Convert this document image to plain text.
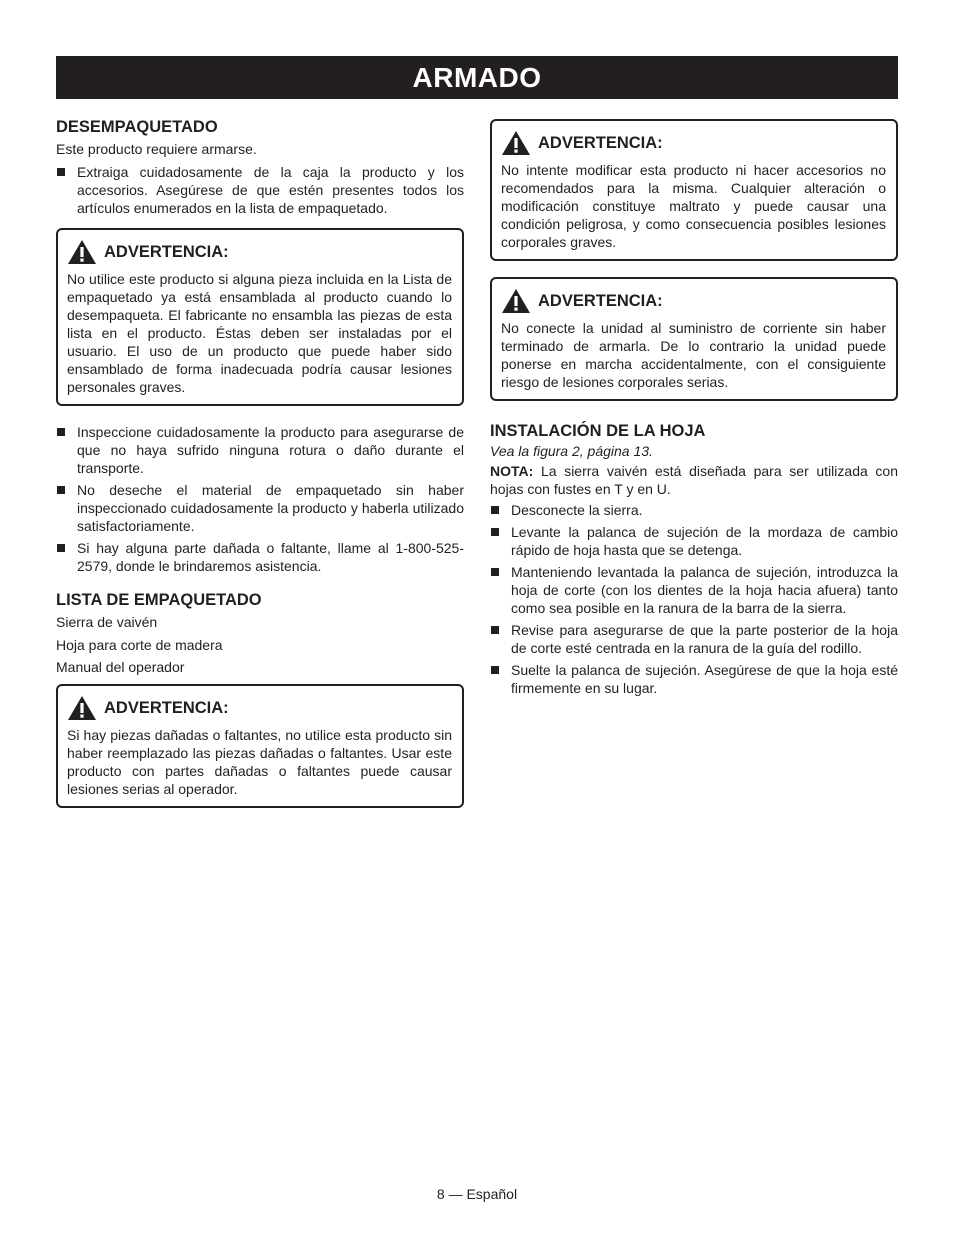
ARMADO
DESEMPAQUETADO

Este producto requiere armarse.

Extraiga cuidadosamente de la caja la producto y los accesorios. Asegúrese de que estén presentes todos los artículos enumerados en la lista de empaquetado.
ADVERTENCIA:

No utilice este producto si alguna pieza incluida en la Lista de empaquetado ya está ensamblada al producto cuando lo desempaqueta. El fabricante no ensambla las piezas de esta lista en el producto. Éstas deben ser instaladas por el usuario. El uso de un producto que puede haber sido ensamblado de forma inadecuada podría causar lesiones personales graves.

Inspeccione cuidadosamente la producto para asegurarse de que no haya sufrido ninguna rotura o daño durante el transporte.
No deseche el material de empaquetado sin haber inspeccionado cuidadosamente la producto y haberla utilizado satisfactoriamente.
Si hay alguna parte dañada o faltante, llame al 1-800-525-2579, donde le brindaremos asistencia.
LISTA DE EMPAQUETADO

Sierra de vaivén

Hoja para corte de madera

Manual del operador

ADVERTENCIA:

Si hay piezas dañadas o faltantes, no utilice esta producto sin haber reemplazado las piezas dañadas o faltantes. Usar este producto con partes dañadas o faltantes puede causar lesiones serias al operador.

ADVERTENCIA:

No intente modificar esta producto ni hacer accesorios no recomendados para la misma. Cualquier alteración o modificación constituye maltrato y puede causar una condición peligrosa, y como consecuencia posibles lesiones corporales graves.

ADVERTENCIA:

No conecte la unidad al suministro de corriente sin haber terminado de armarla. De lo contrario la unidad puede ponerse en marcha accidentalmente, con el consiguiente riesgo de lesiones corporales serias.

INSTALACIÓN DE LA HOJA

Vea la figura 2, página 13.

NOTA: La sierra vaivén está diseñada para ser utilizada con hojas con fustes en T y en U.

Desconecte la sierra.
Levante la palanca de sujeción de la mordaza de cambio rápido de hoja hasta que se detenga.
Manteniendo levantada la palanca de sujeción, introduzca la hoja de corte (con los dientes de la hoja hacia afuera) tanto como sea posible en la ranura de la barra de la sierra.
Revise para asegurarse de que la parte posterior de la hoja de corte esté centrada en la ranura de la guía del rodillo.
Suelte la palanca de sujeción. Asegúrese de que la hoja esté firmemente en su lugar.
8 — Español
